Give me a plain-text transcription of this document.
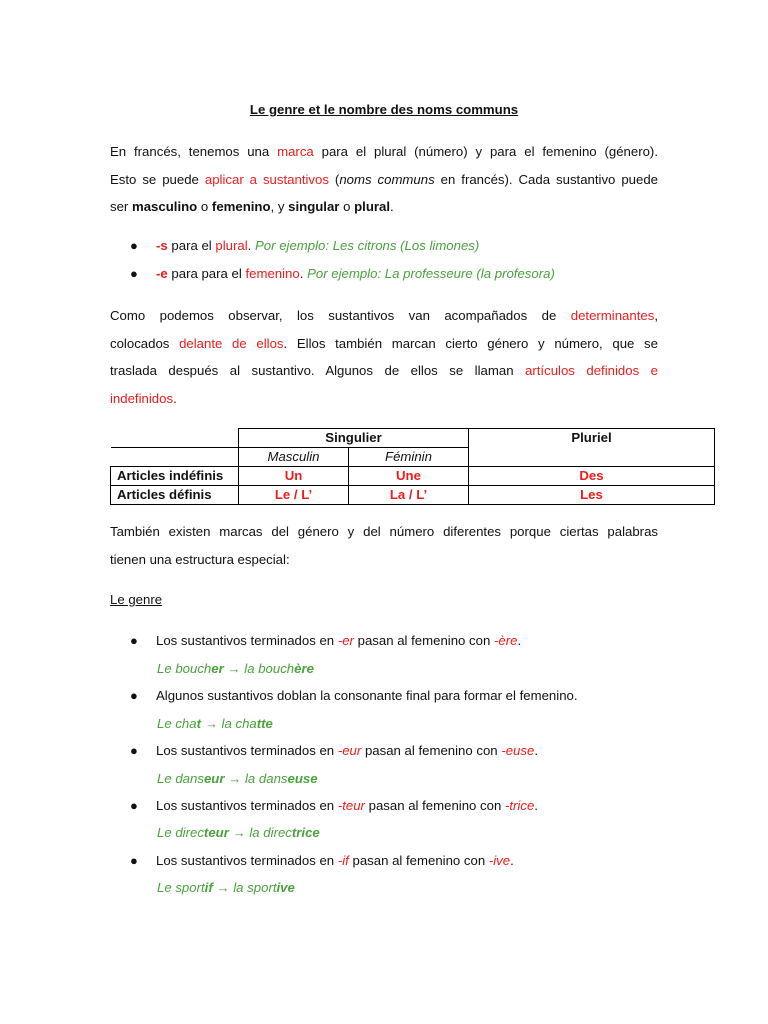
Le genre et le nombre des noms communs
En francés, tenemos una marca para el plural (número) y para el femenino (género).
Esto se puede aplicar a sustantivos (noms communs en francés). Cada sustantivo puede
ser masculino o femenino, y singular o plural.
● -s para el plural. Por ejemplo: Les citrons (Los limones)
● -e para para el femenino. Por ejemplo: La professeure (la profesora)
Como podemos observar, los sustantivos van acompañados de determinantes,
colocados delante de ellos. Ellos también marcan cierto género y número, que se
traslada después al sustantivo. Algunos de ellos se llaman artículos definidos e
indefinidos.
	Singulier		Pluriel
	Masculin	Féminin	
Articles indéfinis	Un	Une	Des
Articles définis	Le / L’	La / L’	Les
También existen marcas del género y del número diferentes porque ciertas palabras
tienen una estructura especial:
Le genre
● Los sustantivos terminados en -er pasan al femenino con -ère.
Le boucher → la bouchère
● Algunos sustantivos doblan la consonante final para formar el femenino.
Le chat → la chatte
● Los sustantivos terminados en -eur pasan al femenino con -euse.
Le danseur → la danseuse
● Los sustantivos terminados en -teur pasan al femenino con -trice.
Le directeur → la directrice
● Los sustantivos terminados en -if pasan al femenino con -ive.
Le sportif → la sportive
